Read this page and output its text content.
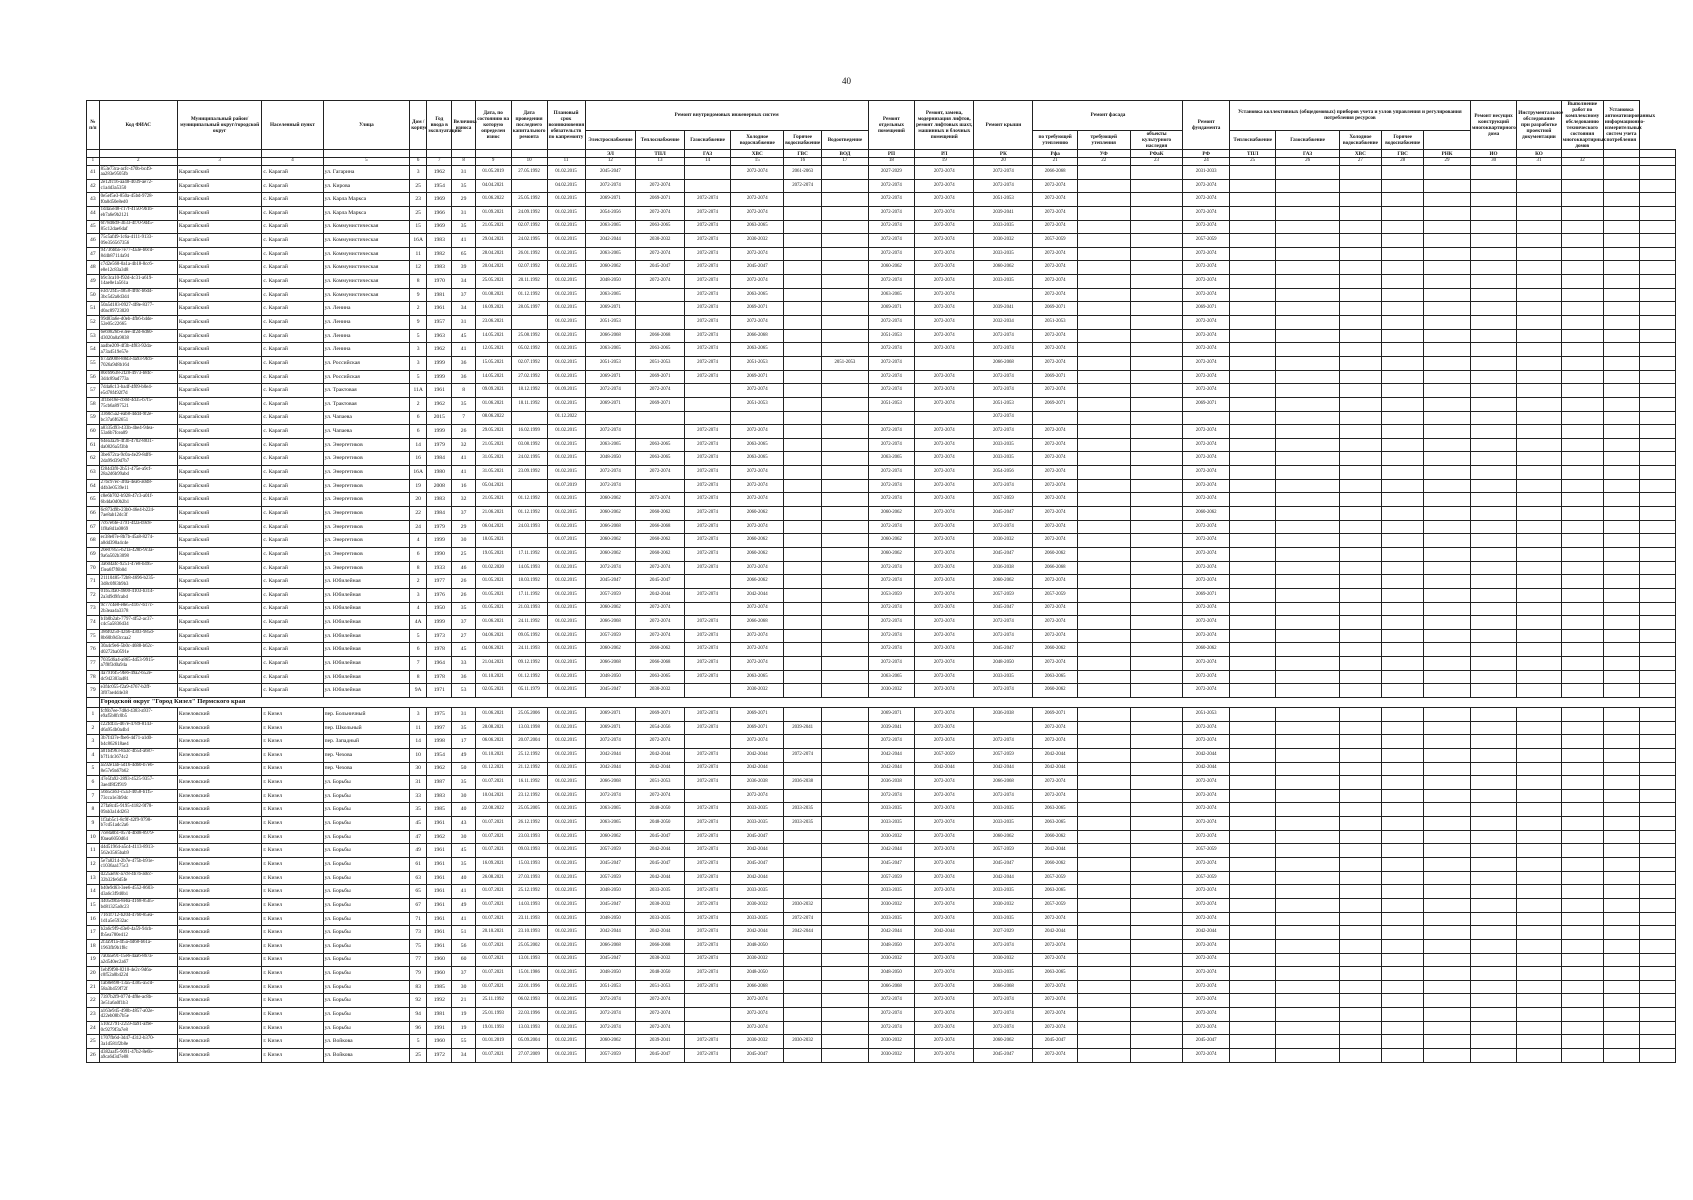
40
№ п/п	Код ФИАС	Муниципальный район/муниципальный округ/городской округ	Населенный пункт	Улица	Дом / корпус	Год ввода в эксплуатацию	Величина износа	Дата, по состоянию на которую определен износ	Дата проведения последнего капитального ремонта	Плановый срок возникновения обязательств по капремонту	Ремонт внутридомовых инженерных систем						Ремонт отдельных помещений	Ремонт, замена, модернизация лифтов, ремонт лифтовых шахт, машинных и блочных помещений	Ремонт крыши	Ремонт фасада			Ремонт фундамента	Установка коллективных (общедомовых) приборов учета и узлов управления и регулирования потребления ресурсов					Ремонт несущих конструкций многоквартирного дома	Инструментальное обследование при разработке проектной документации	Выполнение работ по комплексному обследованию технического состояния многоквартирных домов	Установка автоматизированных информационно-измерительных систем учета потребления	
											Электроснабжение	Теплоснабжение	Газоснабжение	Холодное водоснабжение	Горячее водоснабжение	Водоотведение				по требующей утеплению	требующей утепления	объекты культурного наследия		Теплоснабжение	Газоснабжение	Холодное водоснабжение	Горячее водоснабжение						
											ЭЛ	ТПЛ	ГАЗ	ХВС	ГВС	ВОД	РП	РЛ	РК	Рфа	УФ	РФаК	РФ	ТПЛ	ГАЗ	ХВС	ГВС	РНК	ИО	КО			
1	2	3	4	5	6	7	8	9	10	11	12	13	14	15	16	17	18	19	20	21	22	23	24	25	26	27	28	29	30	31	32		
41	853e73ca-acfc-470b-bc49-aa283e9505fb	Карагайский	с. Карагай	ул. Гагарина	3	1962	31	01.05.2019	27.05.1992	01.02.2015	2045-2047			2072-2074	2061-2063		2027-2029	2072-2074	2072-2074	2066-2068			2031-2033										
42	2e12fc16-aa48-4039-ae72-c1a4d3a5350	Карагайский	с. Карагай	ул. Кирова	25	1954	35	04.04.2021		04.02.2015	2072-2074	2072-2074			2072-2074		2072-2074	2072-2074	2072-2074	2072-2074			2072-2074										
43	0e5ef5e3-850a-45bd-9728-f0a0d50e8ed0	Карагайский	с. Карагай	ул. Карла Маркса	23	1969	29	01.06.2022	25.05.1992	01.02.2015	2069-2071	2069-2071	2072-2074	2072-2074			2072-2074	2072-2074	2051-2053	2072-2074			2072-2074										
44	1d4a5e48-c17f-4150-9b1b-eb7a6e9b2121	Карагайский	с. Карагай	ул. Карла Маркса	25	1966	31	01.09.2021	24.09.1992	01.02.2015	2054-2056	2072-2074	2072-2074	2072-2074			2072-2074	2072-2074	2039-2041	2072-2074			2072-2074										
45	6f78d0d9-3b33-4f70-9d45-85c12dae6daf	Карагайский	с. Карагай	ул. Коммунистическая	15	1969	35	21.05.2021	02.07.1992	01.02.2015	2063-2065	2063-2065	2072-2074	2063-2065			2072-2074	2072-2074	2033-2035	2072-2074			2072-2074										
46	75c5af49-1c6a-4111-9133-09e356567356	Карагайский	с. Карагай	ул. Коммунистическая	16А	1983	41	29.04.2021	24.02.1995	01.02.2015	2042-2044	2030-2032	2072-2074	2030-2032			2072-2074	2072-2074	2030-2032	2057-2059			2057-2059										
47	94736bba-7e77-4a3e-b0cd-8d4b87114a94	Карагайский	с. Карагай	ул. Коммунистическая	11	1982	65	28.04.2021	26.01.1992	01.02.2015	2063-2065	2072-2074	2072-2074	2072-2074			2072-2074	2072-2074	2033-2035	2072-2074			2072-2074										
48	c7d2e568-0a1a-4b18-8cc6-e8e12c83a3d8	Карагайский	с. Карагай	ул. Коммунистическая	12	1983	39	20.04.2021	02.07.1992	01.02.2015	2060-2062	2045-2047	2072-2074	2045-2047			2060-2062	2072-2074	2060-2062	2072-2074			2072-2074										
49	b9c3ca10-f92d-4c31-a619-14ae0e1a561a	Карагайский	с. Карагай	ул. Коммунистическая	8	1970	34	25.05.2021	20.11.1992	01.02.2015	2048-2050	2072-2074	2072-2074	2072-2074			2072-2074	2072-2074	2033-2035	2072-2074			2072-2074										
50	e3d72f45-4858-4f0c-b6d4-3bc5d2a0d3d4	Карагайский	с. Карагай	ул. Коммунистическая	9	1981	37	01.08.2021	01.12.1992	01.02.2015	2063-2065		2072-2074	2063-2065			2063-2065	2072-2074		2072-2074			2072-2074										
51	50a5d183-0927-4f8e-8377-d0ac89723020	Карагайский	с. Карагай	ул. Ленина	2	1961	34	16.09.2021	28.05.1997	01.02.2015	2069-2071		2072-2074	2069-2071			2069-2071	2072-2074	2039-2041	2069-2071			2069-2071										
52	99d83a6e-d0eb-4fb6-b4de-52e05c22665	Карагайский	с. Карагай	ул. Ленина	9	1957	31	23.06.2021		01.02.2015	2051-2053		2072-2074	2072-2074			2072-2074	2072-2074	2032-2034	2051-2053			2072-2074										
53	6e69826b-e3ee-4f2d-8d60-d3020a0a9838	Карагайский	с. Карагай	ул. Ленина	5	1963	45	14.05.2021	25.08.1992	01.02.2015	2066-2068	2066-2068	2072-2074	2066-2068			2051-2053	2072-2074	2072-2074	2072-2074			2072-2074										
54	aa4be209-4f3b-4f83-92da-a73a4519e57e	Карагайский	с. Карагай	ул. Ленина	3	1962	41	12.05.2021	05.02.1992	01.02.2015	2063-2065	2063-2065	2072-2074	2063-2065			2072-2074	2072-2074	2072-2074	2072-2074			2072-2074										
55	b73a9008-88d3-4a93-9fcb-7026a9d8b164	Карагайский	с. Карагай	ул. Российская	3	1999	36	15.05.2021	02.07.1992	01.02.2015	2051-2053	2051-2053	2072-2074	2051-2053		2051-2053	2072-2074		2066-2068	2072-2074			2072-2074										
56	80c69638-2f28-4973-b8fc-3d4c89ad773a	Карагайский	с. Карагай	ул. Российская	5	1999	36	14.05.2021	27.02.1992	01.02.2015	2069-2071	2069-2071	2072-2074	2069-2071			2072-2074	2072-2074	2072-2074	2069-2071			2072-2074										
57	7d4a8c13-ba4f-4f09-b0e4-e5d78f492f7d	Карагайский	с. Карагай	ул. Трактовая	11А	1961	8	09.09.2021	18.12.1992	01.09.2015	2072-2074	2072-2074		2072-2074			2072-2074	2072-2074	2072-2074	2072-2074			2072-2074										
58	3f1be18e-cb0d-4d35-b7f5-75cb6a897521	Карагайский	с. Карагай	ул. Трактовая	2	1962	35	01.06.2021	18.11.1992	01.02.2015	2069-2071	2069-2071		2051-2053			2051-2053	2072-2074	2051-2053	2069-2071			2069-2071										
59	3360c5a2-eab8-4dd4-9f2e-bc37a6f62651	Карагайский	с. Карагай	ул. Чапаева	6	2015	7	08.06.2022		01.12.2022									2072-2074														
60	a8335d93-433b-4be4-94ea-53a6b7fcea09	Карагайский	с. Карагай	ул. Чапаева	6	1999	26	29.05.2021	16.02.1999	01.02.2015	2072-2074		2072-2074	2072-2074			2072-2074	2072-2074	2072-2074	2072-2074			2072-2074										
61	64ea3a26-4f3b-4702-8831-da0826a5f3bb	Карагайский	с. Карагай	ул. Энергетиков	14	1979	32	21.05.2021	03.08.1992	01.02.2015	2063-2065	2063-2065	2072-2074	2063-2065			2072-2074	2072-2074	2033-2035	2072-2074			2072-2074										
62	3be672ca-9c0a-4e29-8df6-2da99d39d7b7	Карагайский	с. Карагай	ул. Энергетиков	16	1984	41	31.05.2021	24.02.1995	01.02.2015	2048-2050	2063-2065	2072-2074	2063-2065			2063-2065	2072-2074	2033-2035	2072-2074			2072-2074										
63	f284d3f0-2b51-475e-a9cf-28a2d6b99abd	Карагайский	с. Карагай	ул. Энергетиков	16А	1980	41	31.05.2021	23.09.1992	01.02.2015	2072-2074	2072-2074	2072-2074	2072-2074			2072-2074	2072-2074	2054-2056	2072-2074			2072-2074										
64	27bc97ec-3f0a-4ea6-a0d8-d4b3e0539e11	Карагайский	с. Карагай	ул. Энергетиков	19	2008	16	05.04.2021		01.07.2019	2072-2074		2072-2074	2072-2074			2072-2074	2072-2074	2072-2074	2072-2074			2072-2074										
65	c8e6b702-b928-47c3-a01f-6b4da0d0b2b1	Карагайский	с. Карагай	ул. Энергетиков	20	1983	32	21.05.2021	01.12.1992	01.02.2015	2060-2062	2072-2074	2072-2074	2072-2074			2072-2074	2072-2074	2057-2059	2072-2074			2072-2074										
66	6c873d9b-23b0-46e4-b224-7ae8ab12dc3f	Карагайский	с. Карагай	ул. Энергетиков	22	1984	37	21.06.2021	01.12.1992	01.02.2015	2060-2062	2060-2062	2072-2074	2060-2062			2060-2062	2072-2074	2045-2047	2072-2074			2060-2062										
67	7c67e6fe-3791-4f2a-b9c8-1f8a8d1a0869	Карагайский	с. Карагай	ул. Энергетиков	24	1979	29	06.04.2021	24.03.1993	01.02.2015	2066-2068	2066-2068	2072-2074	2072-2074			2072-2074	2072-2074	2072-2074	2072-2074			2072-2074										
68	ec38e07e-8b7b-45a8-8274-a0dd390a4c4e	Карагайский	с. Карагай	ул. Энергетиков	4	1999	30	18.05.2021		01.07.2015	2060-2062	2060-2062	2072-2074	2060-2062			2060-2062	2072-2074	2030-2032	2072-2074			2072-2074										
69	20e07855-b21a-428b-9c3a-9a6a502b3098	Карагайский	с. Карагай	ул. Энергетиков	6	1990	25	19.05.2021	17.11.1992	01.02.2015	2060-2062	2060-2062	2072-2074	2060-2062			2060-2062	2072-2074	2045-2047	2060-2062			2072-2074										
70	3a604afc-9251-47e8-b495-f3ea6f7f6b0d	Карагайский	с. Карагай	ул. Энергетиков	8	1933	46	01.02.2020	14.05.1993	01.02.2015	2072-2074	2072-2074	2072-2074	2072-2074			2072-2074	2072-2074	2036-2038	2066-2068			2072-2074										
71	21110485-72b8-4696-b235-3d8c0f83b9b3	Карагайский	с. Карагай	ул. Юбилейная	2	1977	26	01.05.2021	18.03.1992	01.02.2015	2045-2047	2045-2047		2066-2062			2072-2074	2072-2074	2060-2062	2072-2074			2072-2074										
72	01b53fa0-4600-4103-b314-2a3d9d9fcabd	Карагайский	с. Карагай	ул. Юбилейная	3	1976	26	01.05.2021	17.11.1992	01.02.2015	2057-2059	2042-2044	2072-2074	2042-2044			2053-2059	2072-2074	2057-2059	2057-2059			2069-2071										
73	9c77c4e8-e8e5-4167-b17c-2b3eaa4a3378	Карагайский	с. Карагай	ул. Юбилейная	4	1950	35	01.05.2021	21.03.1993	01.02.2015	2060-2062	2072-2074		2072-2074			2072-2074	2072-2074	2045-2047	2072-2074			2072-2074										
74	b1b0b2ab-7797-4f52-ac37-c4c5a5836d34	Карагайский	с. Карагай	ул. Юбилейная	4А	1999	37	01.06.2021	24.11.1992	01.02.2015	2066-2068	2072-2074	2072-2074	2066-2068			2072-2074	2072-2074	2072-2074	2072-2074			2072-2074										
75	386f0250-42b6-4303-985d-8b60b9d3ccaa2	Карагайский	с. Карагай	ул. Юбилейная	5	1973	27	04.06.2021	09.05.1992	01.02.2015	2057-2059	2072-2074	2072-2074	2072-2074			2072-2074	2072-2074	2072-2074	2072-2074			2072-2074										
76	30a4c9e6-5b0c-4688-b62c-d0272ba0591e	Карагайский	с. Карагай	ул. Юбилейная	6	1978	45	04.06.2021	24.11.1993	01.02.2015	2060-2062	2060-2062	2072-2074	2072-2074			2072-2074	2072-2074	2045-2047	2060-2062			2060-2062										
77	7035d6a4-a865-4d53-9915-a7f8f3d0a94a	Карагайский	с. Карагай	ул. Юбилейная	7	1964	33	21.04.2021	09.12.1992	01.02.2015	2066-2068	2066-2068	2072-2074	2072-2074			2072-2074	2072-2074	2048-2050	2072-2074			2072-2074										
78	4a7916f5-9fe6-49a2-b52e-dc942303a481	Карагайский	с. Карагай	ул. Юбилейная	8	1978	36	01.10.2021	01.12.1992	01.02.2015	2048-2050	2063-2065	2072-2074	2063-2065			2063-2065	2072-2074	2033-2035	2063-2065			2072-2074										
79	e3f4c055-f2a9-4767-b2ff-3f07ae4d4e38	Карагайский	с. Карагай	ул. Юбилейная	9А	1971	53	02.05.2021	05.11.1979	01.02.2015	2045-2047	2030-2032		2030-2032			2030-2032	2072-2074	2072-2074	2060-2062			2072-2074										
	Городской округ "Город Кизел" Пермского края																																
1	fcf6b7ee-7d8d-4383-a937-e9af5b8fc0b5	Кизеловский	г. Кизел	пер. Больничный	3	1975	31	01.06.2021	25.05.2006	01.02.2015	2069-2071	2069-2071	2072-2074	2069-2071			2069-2071	2072-2074	2036-2038	2069-2071			2051-2053										
2	c22fdf35-d67e-4789-8143-d6a954b0a4b4	Кизеловский	г. Кизел	пер. Школьный	11	1997	35	28.08.2021	13.03.1998	01.02.2015	2069-2071	2054-2056	2072-2074	2069-2071	2039-2041		2039-2041	2072-2074		2072-2074			2072-2074										
3	3b7f437e-fbe6-4d71-a1d0-b4c862618ae4	Кизеловский	г. Кизел	пер. Западный	14	1998	17	06.06.2021	20.07.2004	01.02.2015	2072-2074	2072-2074		2072-2074			2072-2074	2072-2074	2072-2074	2072-2074			2072-2074										
4	a01b4963-8a3c-4b54-a687-b7f14c3674c2	Кизеловский	г. Кизел	пер. Чехова	10	1954	49	01.10.2021	25.12.1992	01.02.2015	2042-2044	2042-2044	2072-2074	2042-2044	2072-2074		2042-2044	2057-2059	2057-2059	2042-2044			2042-2044										
5	a592e1ab-5d16-4d60-b7e6-8e57e9a67b62	Кизеловский	г. Кизел	пер. Чехова	30	1962	50	01.12.2021	21.12.1992	01.02.2015	2042-2044	2042-2044	2072-2074	2042-2044			2042-2044	2042-2044	2042-2044	2042-2044			2042-2044										
6	47e5fa92-2893-4525-9357-3ae4f8f2f919	Кизеловский	г. Кизел	ул. Борьбы	31	1987	35	01.07.2021	16.11.1992	01.02.2015	2066-2068	2051-2053	2072-2074	2036-2038	2036-2038		2036-2038	2072-2074	2066-2068	2072-2074			2072-2074										
7	56b5ca63-c5a3-4058-b1f5-73cca1e3b9dc	Кизеловский	г. Кизел	ул. Борьбы	33	1983	30	10.04.2021	23.12.1992	01.02.2015	2072-2074	2072-2074		2072-2074			2072-2074	2072-2074	2072-2074	2072-2074			2072-2074										
8	27fa8c45-9195-4182-9f78-09ab3a1dd263	Кизеловский	г. Кизел	ул. Борьбы	35	1985	40	22.08.2022	25.05.2005	01.02.2015	2063-2065	2048-2050	2072-2074	2033-2035	2033-2035		2033-2035	2072-2074	2033-2035	2063-2065			2072-2074										
9	1f3ab5c1-8c9f-42f9-9798-b7cd51adc2a6	Кизеловский	г. Кизел	ул. Борьбы	45	1961	43	01.07.2021	26.12.1992	01.02.2015	2063-2065	2048-2050	2072-2074	2033-2035	2033-2035		2033-2035	2072-2074	2033-2035	2063-2065			2072-2074										
10	7ce8a0b1-057d-4b08-8979-f0aea6050d64	Кизеловский	г. Кизел	ул. Борьбы	47	1962	30	01.07.2021	23.03.1993	01.02.2015	2060-2062	2045-2047	2072-2074	2045-2047			2030-2032	2072-2074	2060-2062	2060-2062			2072-2074										
11	d4d51964-a5c4-4113-8913-562e3565bab9	Кизеловский	г. Кизел	ул. Борьбы	49	1961	45	01.07.2021	09.03.1993	01.02.2015	2057-2059	2042-2044	2072-2074	2042-2044			2042-2044	2072-2074	2057-2059	2042-2044			2057-2059										
12	5e7a8214-2b7e-475b-b91e-c1036aa175c3	Кизеловский	г. Кизел	ул. Борьбы	61	1961	35	16.09.2021	15.03.1993	01.02.2015	2045-2047	2045-2047	2072-2074	2045-2047			2045-2047	2072-2074	2045-2047	2060-2062			2072-2074										
13	d225ae9c-a7c8-4b7b-a0cc-32b32fe6d5fe	Кизеловский	г. Кизел	ул. Борьбы	63	1961	40	26.08.2021	27.03.1993	01.02.2015	2057-2059	2042-2044	2072-2074	2042-2044			2057-2059	2072-2074	2042-2044	2057-2059			2057-2059										
14	b40e9d63-3ee6-4552-8603-d3a6c3f940b1	Кизеловский	г. Кизел	ул. Борьбы	65	1961	41	01.07.2021	25.12.1992	01.02.2015	2048-2050	2033-2035	2072-2074	2033-2035			2033-2035	2072-2074	2033-2035	2063-2065			2072-2074										
15	4405d9ba-8eba-4168-85b5-bd81325a0c23	Кизеловский	г. Кизел	ул. Борьбы	67	1961	49	01.07.2021	14.03.1993	01.02.2015	2045-2047	2030-2032	2072-2074	2030-2032	2030-2032		2030-2032	2072-2074	2030-2032	2057-2059			2072-2074										
16	7161f712-b204-4760-85ea-1d1a5e5932ac	Кизеловский	г. Кизел	ул. Борьбы	71	1961	41	01.07.2021	23.11.1993	01.02.2015	2048-2050	2033-2035	2072-2074	2033-2035	2072-2074		2033-2035	2072-2074	2033-2035	2072-2074			2072-2074										
17	b2a6c9f9-d3e0-4a59-94cb-fb5ea780e412	Кизеловский	г. Кизел	ул. Борьбы	73	1961	51	20.10.2021	23.10.1993	01.02.2015	2042-2044	2042-2044	2072-2074	2042-2044	2042-2044		2042-2044	2042-2044	2027-2029	2042-2044			2042-2044										
18	2f3a9f1a-4f5a-4d68-b61a-1963fb9b1f8c	Кизеловский	г. Кизел	ул. Борьбы	75	1961	56	01.07.2021	25.05.2002	01.02.2015	2066-2068	2066-2068	2072-2074	2048-2050			2048-2050	2072-2074	2072-2074	2072-2074			2072-2074										
19	7a0a5e91-15e6-4aa6-867a-a2d540ec2a67	Кизеловский	г. Кизел	ул. Борьбы	77	1960	60	01.07.2021	13.01.1993	01.02.2015	2045-2047	2030-2032	2072-2074	2030-2032			2030-2032	2072-2074	2030-2032	2072-2074			2072-2074										
20	1ebf9f98-8210-4e2c-9d6a-c0f52a0b422d	Кизеловский	г. Кизел	ул. Борьбы	79	1960	37	01.07.2021	15.01.1986	01.02.2015	2048-2050	2048-2050	2072-2074	2048-2050			2048-2050	2072-2074	2033-2035	2063-2065			2072-2074										
21	1ab8e898-13a5-4385-a5cd-58a3b459f72f	Кизеловский	г. Кизел	ул. Борьбы	83	1985	30	01.07.2021	22.01.1996	01.02.2015	2051-2053	2051-2053	2072-2074	2066-2068			2066-2068	2072-2074	2066-2068	2072-2074			2072-2074										
22	7397b2f9-077d-4f8e-ac8b-3e51a6a0f1b3	Кизеловский	г. Кизел	ул. Борьбы	92	1992	21	25.11.1992	06.02.1993	01.02.2015	2072-2074	2072-2074		2072-2074			2072-2074	2072-2074	2072-2074	2072-2074			2072-2074										
23	a163e945-490b-4857-a02e-d22eb08b7b5e	Кизеловский	г. Кизел	ул. Борьбы	94	1981	19	25.01.1993	22.03.1996	01.02.2015	2072-2074	2072-2074		2072-2074			2072-2074	2072-2074	2072-2074	2072-2074			2072-2074										
24	510c2791-2259-4a91-af9e-0c9279f3a7e8	Кизеловский	г. Кизел	ул. Борьбы	96	1991	19	19.01.1993	13.03.1993	01.02.2015	2072-2074	2072-2074		2072-2074			2072-2074	2072-2074	2072-2074	2072-2074			2072-2074										
25	1707fb6d-3d47-4312-b370-3a1d581f2b8e	Кизеловский	г. Кизел	ул. Войкова	5	1960	55	01.01.2019	05.09.2004	01.02.2015	2060-2062	2039-2041	2072-2074	2030-2032	2030-2032		2030-2032	2072-2074	2060-2062	2045-2047			2045-2047										
26	d382aaf5-9091-47b2-8e6b-a9ca6d3d7e88	Кизеловский	г. Кизел	ул. Войкова	25	1972	34	01.07.2021	27.07.2009	01.02.2015	2057-2059	2045-2047	2072-2074	2045-2047			2030-2032	2072-2074	2045-2047	2072-2074			2072-2074										
